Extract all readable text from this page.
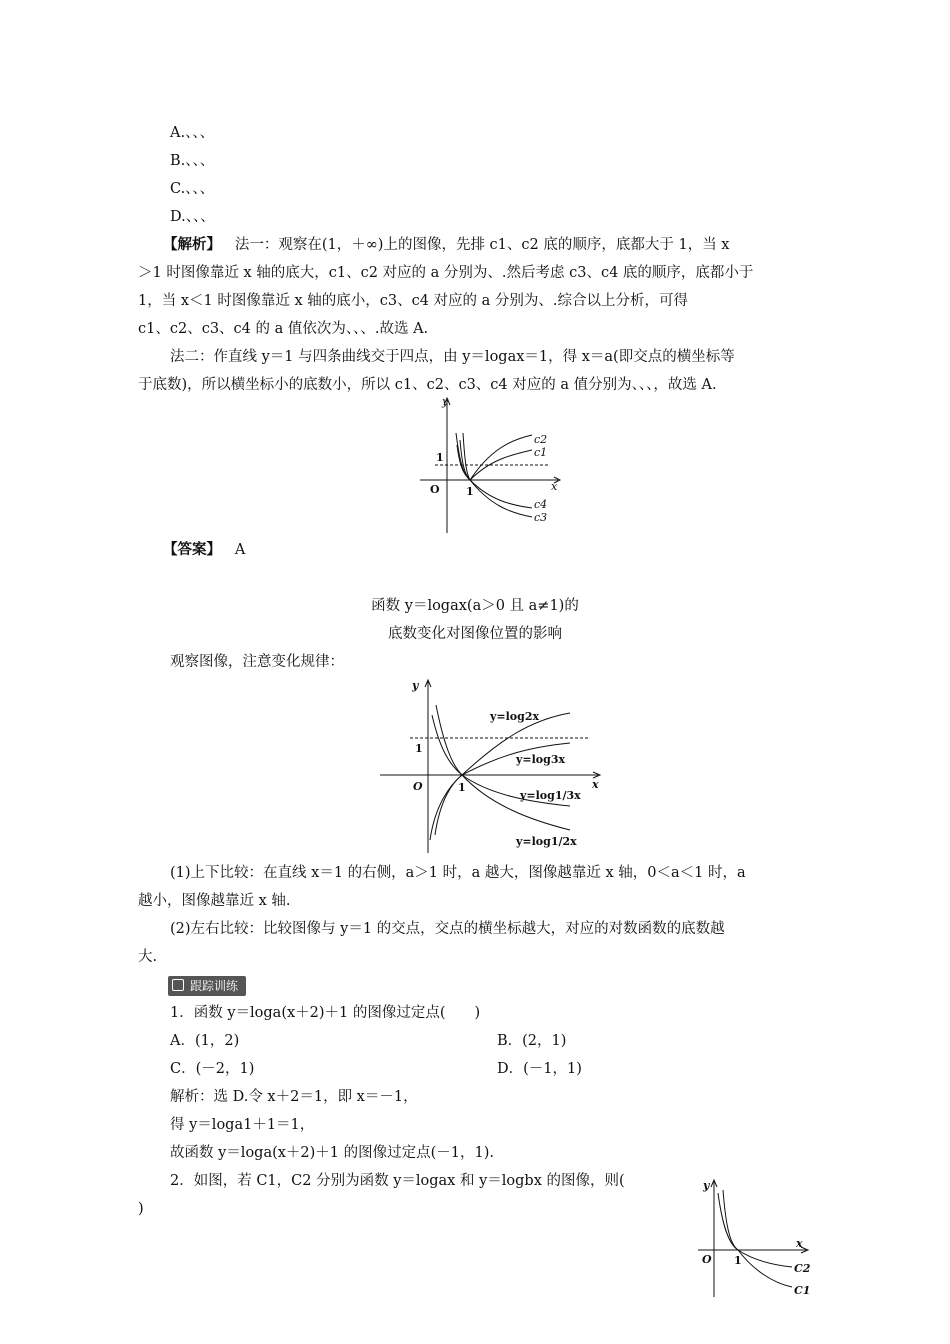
A.、、、
B.、、、
C.、、、
D.、、、
【解析】 法一：观察在(1，＋∞)上的图像，先排 c1、c2 底的顺序，底都大于 1，当 x
＞1 时图像靠近 x 轴的底大，c1、c2 对应的 a 分别为、.然后考虑 c3、c4 底的顺序，底都小于
1，当 x＜1 时图像靠近 x 轴的底小，c3、c4 对应的 a 分别为、.综合以上分析，可得
c1、c2、c3、c4 的 a 值依次为、、、.故选 A.
法二：作直线 y＝1 与四条曲线交于四点，由 y＝logax＝1，得 x＝a(即交点的横坐标等
于底数)，所以横坐标小的底数小，所以 c1、c2、c3、c4 对应的 a 值分别为、、、，故选 A.
y
x
c2
c1
c4
c3
O 1
1
【答案】 A
函数 y＝logax(a＞0 且 a≠1)的
底数变化对图像位置的影响
观察图像，注意变化规律：
y
x
O	1
1
y=log2x
y=log3x
y=log1/3x
y=log1/2x
(1)上下比较：在直线 x＝1 的右侧，a＞1 时，a 越大，图像越靠近 x 轴，0＜a＜1 时，a
越小，图像越靠近 x 轴.
(2)左右比较：比较图像与 y＝1 的交点，交点的横坐标越大，对应的对数函数的底数越
大.
跟踪训练
1．函数 y＝loga(x＋2)＋1 的图像过定点(　　)
A．(1，2)	B．(2，1)
C．(－2，1)	D．(－1，1)
解析：选 D.令 x＋2＝1，即 x＝－1，
得 y＝loga1＋1＝1，
故函数 y＝loga(x＋2)＋1 的图像过定点(－1，1).
2．如图，若 C1，C2 分别为函数 y＝logax 和 y＝logbx 的图像，则(
)
y
x
O 1
C2
C1
